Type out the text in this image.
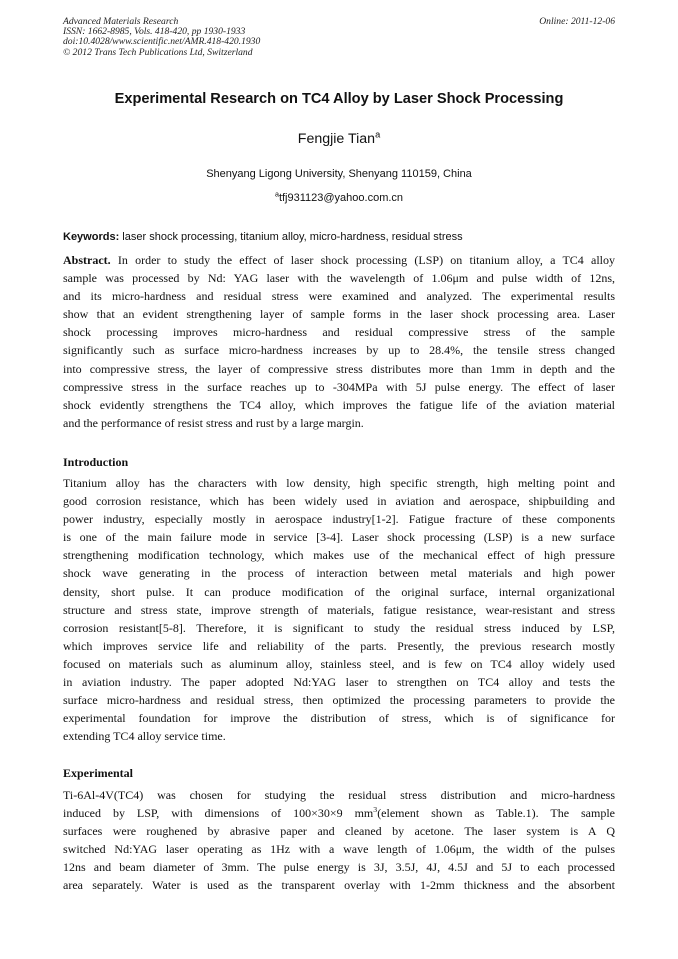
Advanced Materials Research
ISSN: 1662-8985, Vols. 418-420, pp 1930-1933
doi:10.4028/www.scientific.net/AMR.418-420.1930
© 2012 Trans Tech Publications Ltd, Switzerland
Online: 2011-12-06
Experimental Research on TC4 Alloy by Laser Shock Processing
Fengjie Tian$^a$
Shenyang Ligong University, Shenyang 110159, China
$^a$tfj931123@yahoo.com.cn
Keywords: laser shock processing, titanium alloy, micro-hardness, residual stress
Abstract. In order to study the effect of laser shock processing (LSP) on titanium alloy, a TC4 alloy
sample was processed by Nd: YAG laser with the wavelength of 1.06μm and pulse width of 12ns,
and its micro-hardness and residual stress were examined and analyzed. The experimental results
show that an evident strengthening layer of sample forms in the laser shock processing area. Laser
shock processing improves micro-hardness and residual compressive stress of the sample
significantly such as surface micro-hardness increases by up to 28.4%, the tensile stress changed
into compressive stress, the layer of compressive stress distributes more than 1mm in depth and the
compressive stress in the surface reaches up to -304MPa with 5J pulse energy. The effect of laser
shock evidently strengthens the TC4 alloy, which improves the fatigue life of the aviation material
and the performance of resist stress and rust by a large margin.
Introduction
Titanium alloy has the characters with low density, high specific strength, high melting point and
good corrosion resistance, which has been widely used in aviation and aerospace, shipbuilding and
power industry, especially mostly in aerospace industry[1-2]. Fatigue fracture of these components
is one of the main failure mode in service [3-4]. Laser shock processing (LSP) is a new surface
strengthening modification technology, which makes use of the mechanical effect of high pressure
shock wave generating in the process of interaction between metal materials and high power
density, short pulse. It can produce modification of the original surface, internal organizational
structure and stress state, improve strength of materials, fatigue resistance, wear-resistant and stress
corrosion resistant[5-8]. Therefore, it is significant to study the residual stress induced by LSP,
which improves service life and reliability of the parts. Presently, the previous research mostly
focused on materials such as aluminum alloy, stainless steel, and is few on TC4 alloy widely used
in aviation industry. The paper adopted Nd:YAG laser to strengthen on TC4 alloy and tests the
surface micro-hardness and residual stress, then optimized the processing parameters to provide the
experimental foundation for improve the distribution of stress, which is of significance for
extending TC4 alloy service time.
Experimental
Ti-6Al-4V(TC4) was chosen for studying the residual stress distribution and micro-hardness
induced by LSP, with dimensions of 100×30×9 $mm^3(element$ shown as Table.1). The sample
surfaces were roughened by abrasive paper and cleaned by acetone. The laser system is A Q
switched Nd:YAG laser operating as 1Hz with a wave length of 1.06μm, the width of the pulses
12ns and beam diameter of 3mm. The pulse energy is 3J, 3.5J, 4J, 4.5J and 5J to each processed
area separately. Water is used as the transparent overlay with 1-2mm thickness and the absorbent
